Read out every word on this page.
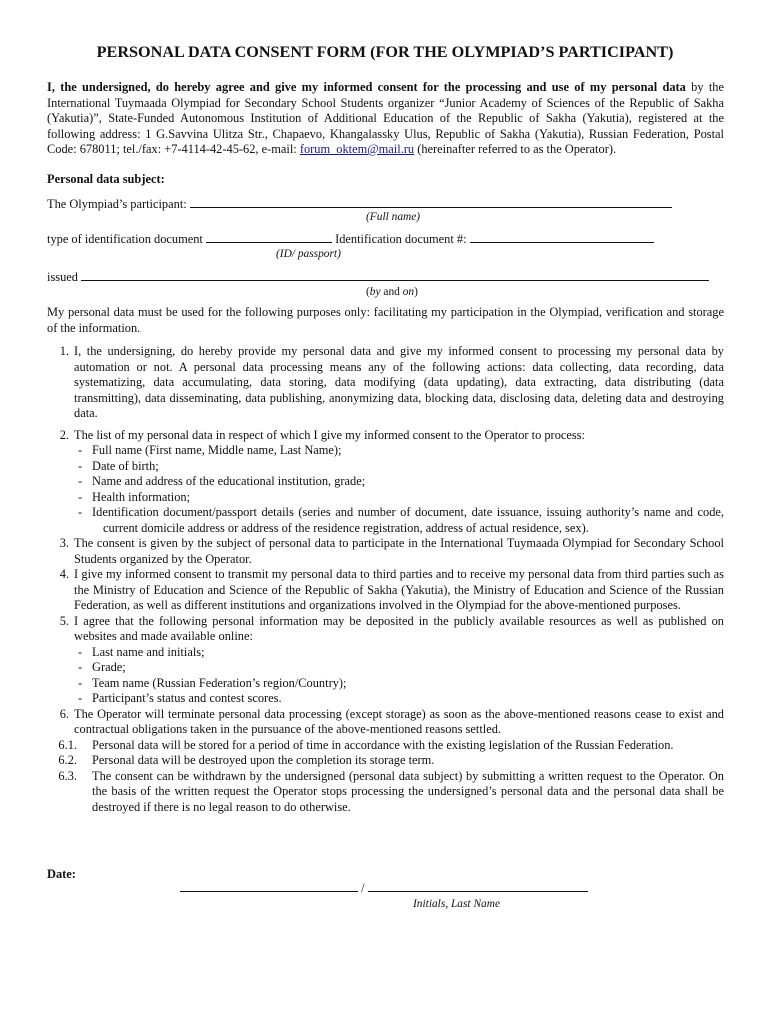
PERSONAL DATA CONSENT FORM (FOR THE OLYMPIAD’S PARTICIPANT)

I, the undersigned, do hereby agree and give my informed consent for the processing and use of my personal data by the International Tuymaada Olympiad for Secondary School Students organizer “Junior Academy of Sciences of the Republic of Sakha (Yakutia)”, State-Funded Autonomous Institution of Additional Education of the Republic of Sakha (Yakutia), registered at the following address: 1 G.Savvina Ulitza Str., Chapaevo, Khangalassky Ulus, Republic of Sakha (Yakutia), Russian Federation, Postal Code: 678011; tel./fax: +7-4114-42-45-62, e-mail: forum_oktem@mail.ru (hereinafter referred to as the Operator).

Personal data subject:

The Olympiad’s participant:
(Full name)
type of identification document	Identification document #:
(ID/ passport)
issued
(by and on)

My personal data must be used for the following purposes only: facilitating my participation in the Olympiad, verification and storage of the information.

1. I, the undersigning, do hereby provide my personal data and give my informed consent to processing my personal data by automation or not. A personal data processing means any of the following actions: data collecting, data recording, data systematizing, data accumulating, data storing, data modifying (data updating), data extracting, data distributing (data transmitting), data disseminating, data publishing, anonymizing data, blocking data, disclosing data, deleting data and destroying data.
2. The list of my personal data in respect of which I give my informed consent to the Operator to process:
- Full name (First name, Middle name, Last Name);
- Date of birth;
- Name and address of the educational institution, grade;
- Health information;
- Identification document/passport details (series and number of document, date issuance, issuing authority’s name and code, current domicile address or address of the residence registration, address of actual residence, sex).
3. The consent is given by the subject of personal data to participate in the International Tuymaada Olympiad for Secondary School Students organized by the Operator.
4. I give my informed consent to transmit my personal data to third parties and to receive my personal data from third parties such as the Ministry of Education and Science of the Republic of Sakha (Yakutia), the Ministry of Education and Science of the Russian Federation, as well as different institutions and organizations involved in the Olympiad for the above-mentioned purposes.
5. I agree that the following personal information may be deposited in the publicly available resources as well as published on websites and made available online:
- Last name and initials;
- Grade;
- Team name (Russian Federation’s region/Country);
- Participant’s status and contest scores.
6. The Operator will terminate personal data processing (except storage) as soon as the above-mentioned reasons cease to exist and contractual obligations taken in the pursuance of the above-mentioned reasons settled.
6.1. Personal data will be stored for a period of time in accordance with the existing legislation of the Russian Federation.
6.2. Personal data will be destroyed upon the completion its storage term.
6.3. The consent can be withdrawn by the undersigned (personal data subject) by submitting a written request to the Operator. On the basis of the written request the Operator stops processing the undersigned’s personal data and the personal data shall be destroyed if there is no legal reason to do otherwise.

Date:

/
Initials, Last Name
